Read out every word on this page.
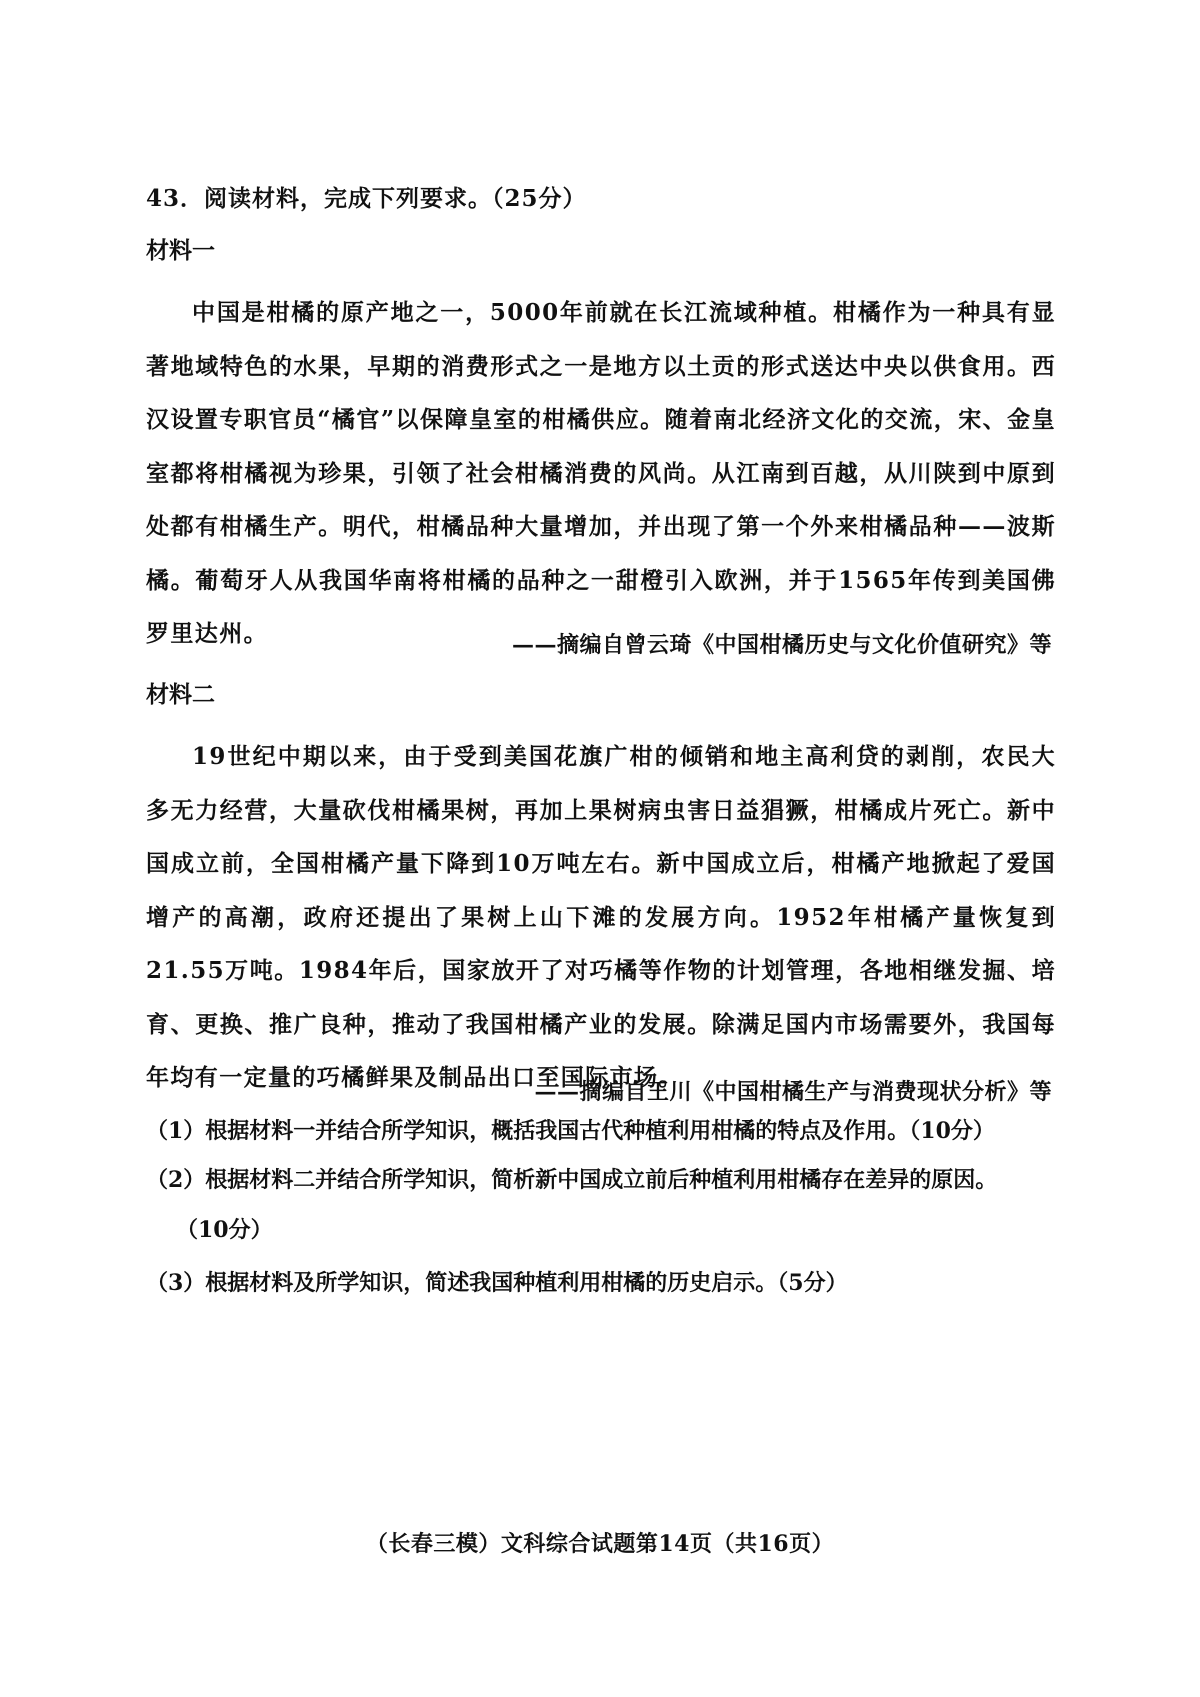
43．阅读材料，完成下列要求。（25分）
材料一
中国是柑橘的原产地之一，5000年前就在长江流域种植。柑橘作为一种具有显著地域特色的水果，早期的消费形式之一是地方以土贡的形式送达中央以供食用。西汉设置专职官员“橘官”以保障皇室的柑橘供应。随着南北经济文化的交流，宋、金皇室都将柑橘视为珍果，引领了社会柑橘消费的风尚。从江南到百越，从川陕到中原到处都有柑橘生产。明代，柑橘品种大量增加，并出现了第一个外来柑橘品种——波斯橘。葡萄牙人从我国华南将柑橘的品种之一甜橙引入欧洲，并于1565年传到美国佛罗里达州。	——摘编自曾云琦《中国柑橘历史与文化价值研究》等
材料二
19世纪中期以来，由于受到美国花旗广柑的倾销和地主高利贷的剥削，农民大多无力经营，大量砍伐柑橘果树，再加上果树病虫害日益猖獗，柑橘成片死亡。新中国成立前，全国柑橘产量下降到10万吨左右。新中国成立后，柑橘产地掀起了爱国增产的高潮，政府还提出了果树上山下滩的发展方向。1952年柑橘产量恢复到21.55万吨。1984年后，国家放开了对巧橘等作物的计划管理，各地相继发掘、培育、更换、推广良种，推动了我国柑橘产业的发展。除满足国内市场需要外，我国每年均有一定量的巧橘鲜果及制品出口至国际市场。
——摘编自王川《中国柑橘生产与消费现状分析》等
（1）根据材料一并结合所学知识，概括我国古代种植利用柑橘的特点及作用。（10分）
（2）根据材料二并结合所学知识，简析新中国成立前后种植利用柑橘存在差异的原因。
（10分）
（3）根据材料及所学知识，简述我国种植利用柑橘的历史启示。（5分）
（长春三模）文科综合试题第14页（共16页）
